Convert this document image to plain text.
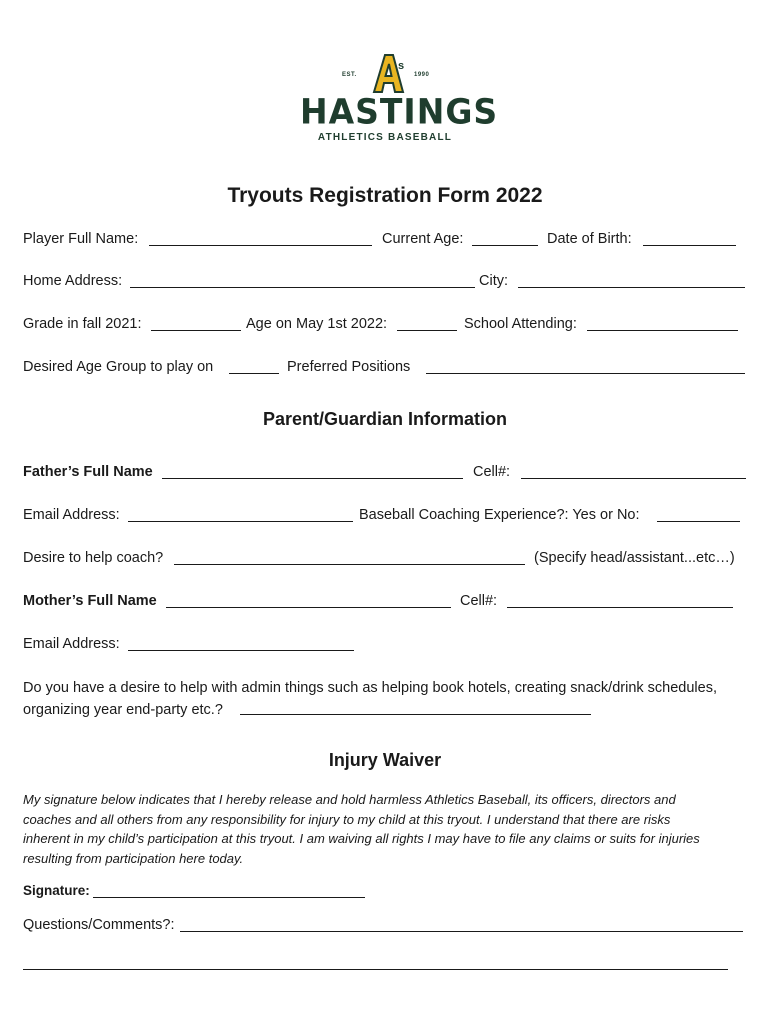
EST.
s
1990
HASTINGS
ATHLETICS BASEBALL
Tryouts Registration Form 2022
Player Full Name:	Current Age:	Date of Birth:
Home Address:	City:
Grade in fall 2021:	Age on May 1st 2022:	School Attending:
Desired Age Group to play on	Preferred Positions
Parent/Guardian Information
Father’s Full Name	Cell#:
Email Address:	Baseball Coaching Experience?: Yes or No:
Desire to help coach?	(Specify head/assistant...etc…)
Mother’s Full Name	Cell#:
Email Address:
Do you have a desire to help with admin things such as helping book hotels, creating snack/drink schedules,
organizing year end-party etc.?
Injury Waiver
My signature below indicates that I hereby release and hold harmless Athletics Baseball, its officers, directors and
coaches and all others from any responsibility for injury to my child at this tryout. I understand that there are risks
inherent in my child’s participation at this tryout. I am waiving all rights I may have to file any claims or suits for injuries
resulting from participation here today.
Signature:
Questions/Comments?:
